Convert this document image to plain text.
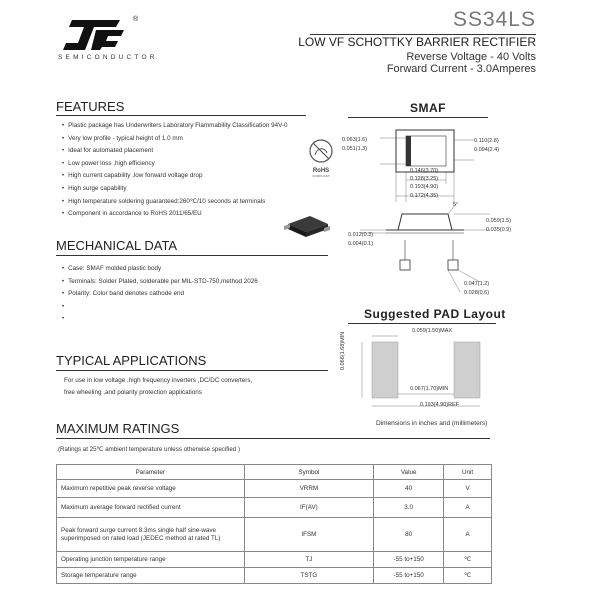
®
SEMICONDUCTOR
SS34LS
LOW VF SCHOTTKY BARRIER RECTIFIER
Reverse Voltage - 40 Volts
Forward Current - 3.0Amperes
FEATURES
• Plastic package has Underwriters Laboratory Flammability Classification 94V-0
• Very low profile - typical height of 1.0 mm
• Ideal for automated placement
• Low power loss ,high efficiency
• High current capability ,low forward voltage drop
• High surge capability
• High temperature soldering guaranteed:260℃/10 seconds at terminals
• Component in accordance to RoHS 2011/65/EU
RoHS
COMPLIANT
MECHANICAL DATA
• Case: SMAF molded plastic body
• Terminals: Solder Plated, solderable per MIL-STD-750,method 2026
• Polarity: Color band denotes cathode end
•
•
TYPICAL APPLICATIONS
For use in low voltage ,high frequency inverters ,DC/DC converters,
free wheeling ,and polarity protection applications
SMAF
0.063(1.6)
0.051(1.3)
0.110(2.8)
0.094(2.4)
0.146(3.70)
0.128(3.25)
0.193(4.90)
0.172(4.35)
5°
0.059(1.5)
0.035(0.9)
0.012(0.3)
0.004(0.1)
0.047(1.2)
0.028(0.6)
Suggested PAD Layout
0.059(1.50)MAX
0.066(1.68)MIN
0.067(1.70)MIN
0.193(4.90)REF
Dimensions in inches and (millimeters)
MAXIMUM RATINGS
(Ratings at 25℃ ambient temperature unless otherwise specified )
Parameter	Symbol	Value	Unit
Maximum repetitive peak reverse voltage	VRRM	40	V
Maximum average forward rectified current	IF(AV)	3.0	A
Peak forward surge current 8.3ms single half sine-wave superimposed on rated load (JEDEC method at rated TL)	IFSM	80	A
Operating junction temperature range	TJ	-55 to+150	℃
Storage temperature range	TSTG	-55 to+150	℃
